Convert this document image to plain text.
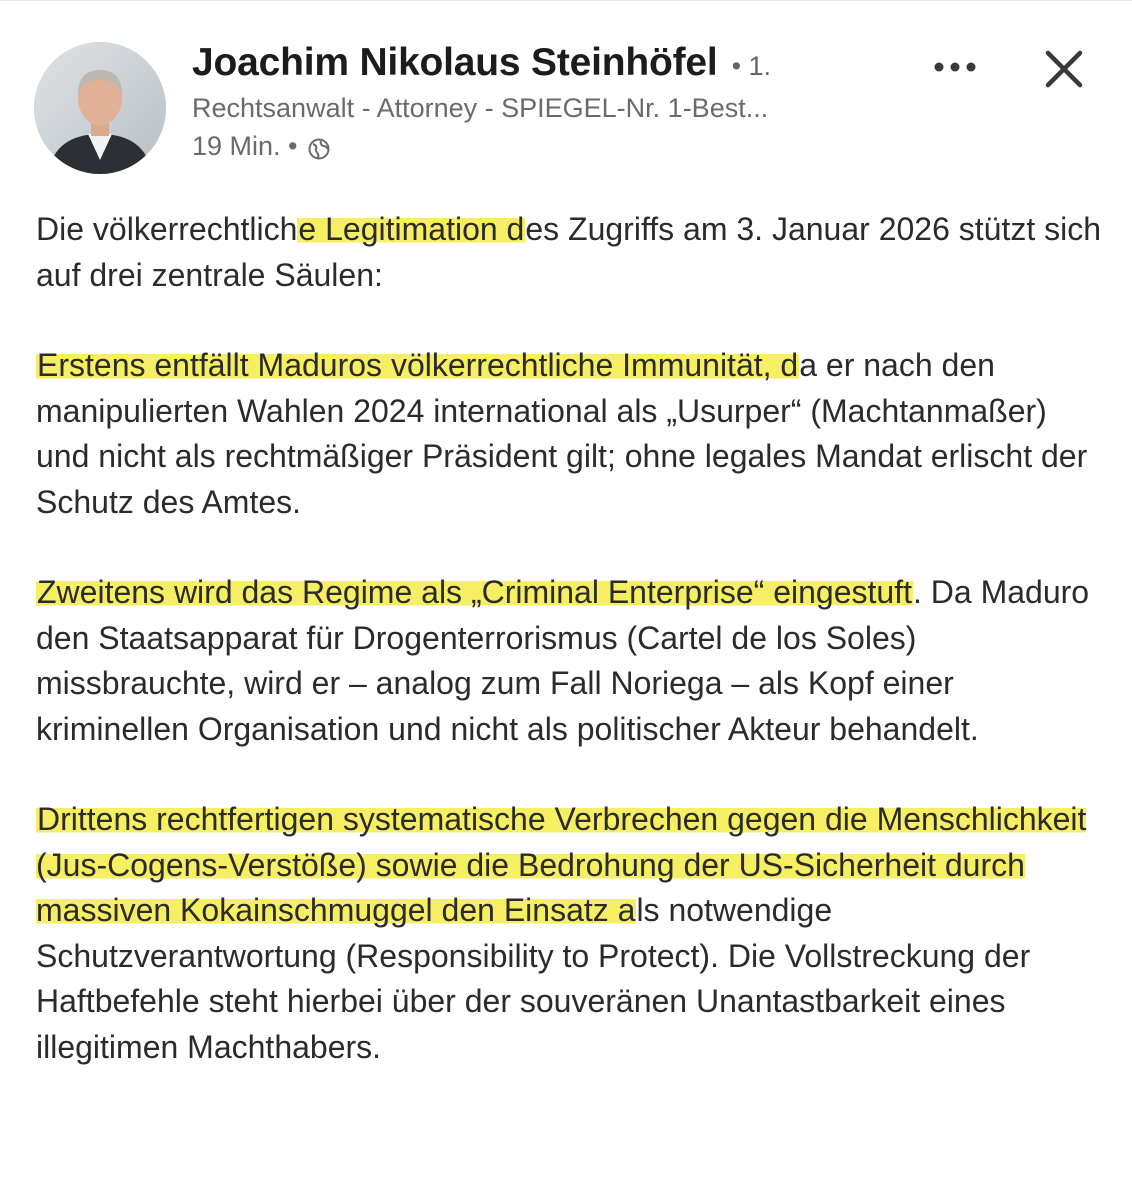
Joachim Nikolaus Steinhöfel • 1.
Rechtsanwalt - Attorney - SPIEGEL-Nr. 1-Best...
19 Min. •

Die völkerrechtliche Legitimation des Zugriffs am 3. Januar 2026 stützt sich auf drei zentrale Säulen:

Erstens entfällt Maduros völkerrechtliche Immunität, da er nach den manipulierten Wahlen 2024 international als „Usurper“ (Machtanmaßer) und nicht als rechtmäßiger Präsident gilt; ohne legales Mandat erlischt der Schutz des Amtes.

Zweitens wird das Regime als „Criminal Enterprise“ eingestuft. Da Maduro den Staatsapparat für Drogenterrorismus (Cartel de los Soles) missbrauchte, wird er – analog zum Fall Noriega – als Kopf einer kriminellen Organisation und nicht als politischer Akteur behandelt.

Drittens rechtfertigen systematische Verbrechen gegen die Menschlichkeit (Jus-Cogens-Verstöße) sowie die Bedrohung der US-Sicherheit durch massiven Kokainschmuggel den Einsatz als notwendige Schutzverantwortung (Responsibility to Protect). Die Vollstreckung der Haftbefehle steht hierbei über der souveränen Unantastbarkeit eines illegitimen Machthabers.
